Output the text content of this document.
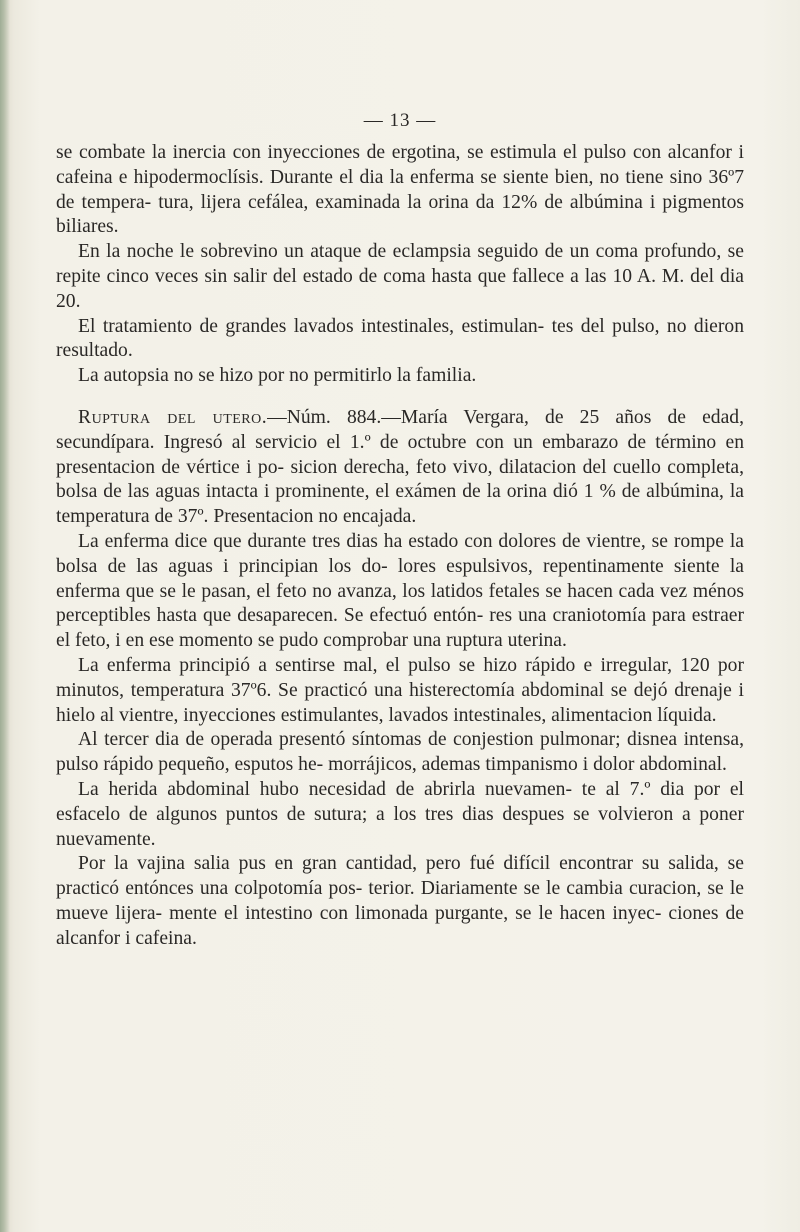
— 13 —

se combate la inercia con inyecciones de ergotina, se estimula el pulso con alcanfor i cafeina e hipodermoclísis. Durante el dia la enferma se siente bien, no tiene sino 36º7 de tempera- tura, lijera cefálea, examinada la orina da 12% de albúmina i pigmentos biliares.

En la noche le sobrevino un ataque de eclampsia seguido de un coma profundo, se repite cinco veces sin salir del estado de coma hasta que fallece a las 10 A. M. del dia 20.

El tratamiento de grandes lavados intestinales, estimulan- tes del pulso, no dieron resultado.

La autopsia no se hizo por no permitirlo la familia.

Ruptura del utero.—Núm. 884.—María Vergara, de 25 años de edad, secundípara. Ingresó al servicio el 1.º de octubre con un embarazo de término en presentacion de vértice i po- sicion derecha, feto vivo, dilatacion del cuello completa, bolsa de las aguas intacta i prominente, el exámen de la orina dió 1 % de albúmina, la temperatura de 37º. Presentacion no encajada.

La enferma dice que durante tres dias ha estado con dolores de vientre, se rompe la bolsa de las aguas i principian los do- lores espulsivos, repentinamente siente la enferma que se le pasan, el feto no avanza, los latidos fetales se hacen cada vez ménos perceptibles hasta que desaparecen. Se efectuó entón- res una craniotomía para estraer el feto, i en ese momento se pudo comprobar una ruptura uterina.

La enferma principió a sentirse mal, el pulso se hizo rápido e irregular, 120 por minutos, temperatura 37º6. Se practicó una histerectomía abdominal se dejó drenaje i hielo al vientre, inyecciones estimulantes, lavados intestinales, alimentacion líquida.

Al tercer dia de operada presentó síntomas de conjestion pulmonar; disnea intensa, pulso rápido pequeño, esputos he- morrájicos, ademas timpanismo i dolor abdominal.

La herida abdominal hubo necesidad de abrirla nuevamen- te al 7.º dia por el esfacelo de algunos puntos de sutura; a los tres dias despues se volvieron a poner nuevamente.

Por la vajina salia pus en gran cantidad, pero fué difícil encontrar su salida, se practicó entónces una colpotomía pos- terior. Diariamente se le cambia curacion, se le mueve lijera- mente el intestino con limonada purgante, se le hacen inyec- ciones de alcanfor i cafeina.
